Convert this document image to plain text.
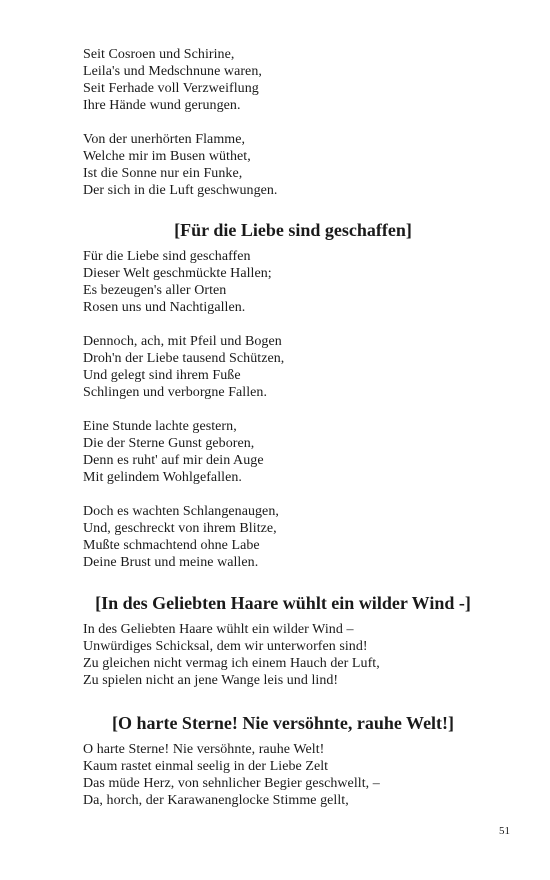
Seit Cosroen und Schirine,
Leila's und Medschnune waren,
Seit Ferhade voll Verzweiflung
Ihre Hände wund gerungen.
Von der unerhörten Flamme,
Welche mir im Busen wüthet,
Ist die Sonne nur ein Funke,
Der sich in die Luft geschwungen.
[Für die Liebe sind geschaffen]
Für die Liebe sind geschaffen
Dieser Welt geschmückte Hallen;
Es bezeugen's aller Orten
Rosen uns und Nachtigallen.
Dennoch, ach, mit Pfeil und Bogen
Droh'n der Liebe tausend Schützen,
Und gelegt sind ihrem Fuße
Schlingen und verborgne Fallen.
Eine Stunde lachte gestern,
Die der Sterne Gunst geboren,
Denn es ruht' auf mir dein Auge
Mit gelindem Wohlgefallen.
Doch es wachten Schlangenaugen,
Und, geschreckt von ihrem Blitze,
Mußte schmachtend ohne Labe
Deine Brust und meine wallen.
[In des Geliebten Haare wühlt ein wilder Wind -]
In des Geliebten Haare wühlt ein wilder Wind –
Unwürdiges Schicksal, dem wir unterworfen sind!
Zu gleichen nicht vermag ich einem Hauch der Luft,
Zu spielen nicht an jene Wange leis und lind!
[O harte Sterne! Nie versöhnte, rauhe Welt!]
O harte Sterne! Nie versöhnte, rauhe Welt!
Kaum rastet einmal seelig in der Liebe Zelt
Das müde Herz, von sehnlicher Begier geschwellt, –
Da, horch, der Karawanenglocke Stimme gellt,
51
